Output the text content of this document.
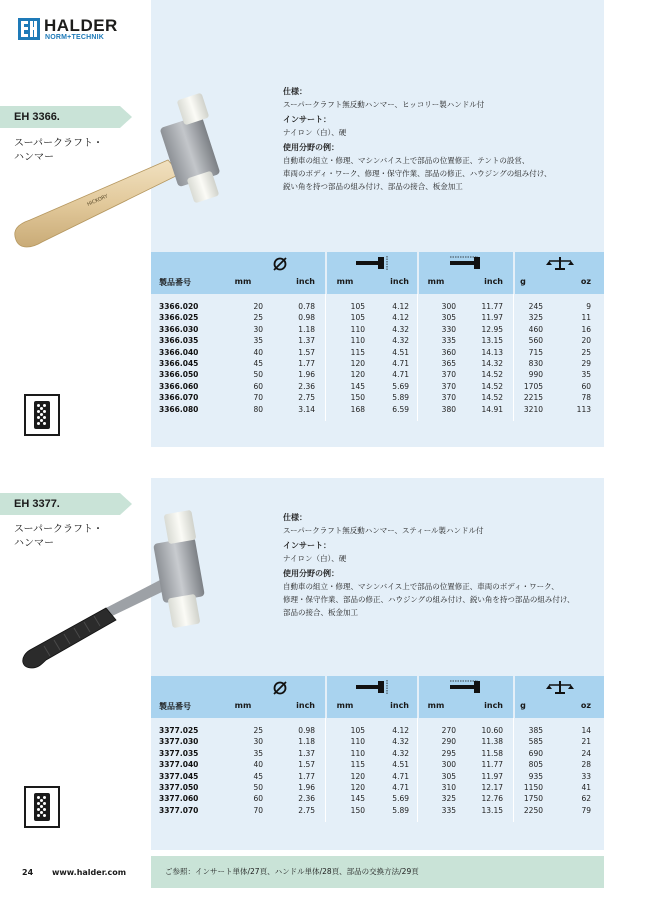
HALDER
NORM+TECHNIK
EH 3366.
スーパークラフト・
ハンマー
HICKORY
仕様：
スーパークラフト無反動ハンマー、ヒッコリー製ハンドル付
インサート：
ナイロン（白）、硬
使用分野の例：
自動車の組立・修理、マシンバイス上で部品の位置修正、テントの設営、
車両のボディ・ワーク、修理・保守作業、部品の修正、ハウジングの組み付け、
鋭い角を持つ部品の組み付け、部品の接合、板金加工
製品番号	mm	inch	mm	inch	mm	inch	g	oz
3366.020	20	0.78	105	4.12	300	11.77	245	9
3366.025	25	0.98	105	4.12	305	11.97	325	11
3366.030	30	1.18	110	4.32	330	12.95	460	16
3366.035	35	1.37	110	4.32	335	13.15	560	20
3366.040	40	1.57	115	4.51	360	14.13	715	25
3366.045	45	1.77	120	4.71	365	14.32	830	29
3366.050	50	1.96	120	4.71	370	14.52	990	35
3366.060	60	2.36	145	5.69	370	14.52	1705	60
3366.070	70	2.75	150	5.89	370	14.52	2215	78
3366.080	80	3.14	168	6.59	380	14.91	3210	113
EH 3377.
スーパークラフト・
ハンマー
仕様：
スーパークラフト無反動ハンマー、スティール製ハンドル付
インサート：
ナイロン（白）、硬
使用分野の例：
自動車の組立・修理、マシンバイス上で部品の位置修正、車両のボディ・ワーク、
修理・保守作業、部品の修正、ハウジングの組み付け、鋭い角を持つ部品の組み付け、
部品の接合、板金加工
製品番号	mm	inch	mm	inch	mm	inch	g	oz
3377.025	25	0.98	105	4.12	270	10.60	385	14
3377.030	30	1.18	110	4.32	290	11.38	585	21
3377.035	35	1.37	110	4.32	295	11.58	690	24
3377.040	40	1.57	115	4.51	300	11.77	805	28
3377.045	45	1.77	120	4.71	305	11.97	935	33
3377.050	50	1.96	120	4.71	310	12.17	1150	41
3377.060	60	2.36	145	5.69	325	12.76	1750	62
3377.070	70	2.75	150	5.89	335	13.15	2250	79
24 www.halder.com	ご参照：インサート単体/27頁、ハンドル単体/28頁、部品の交換方法/29頁
